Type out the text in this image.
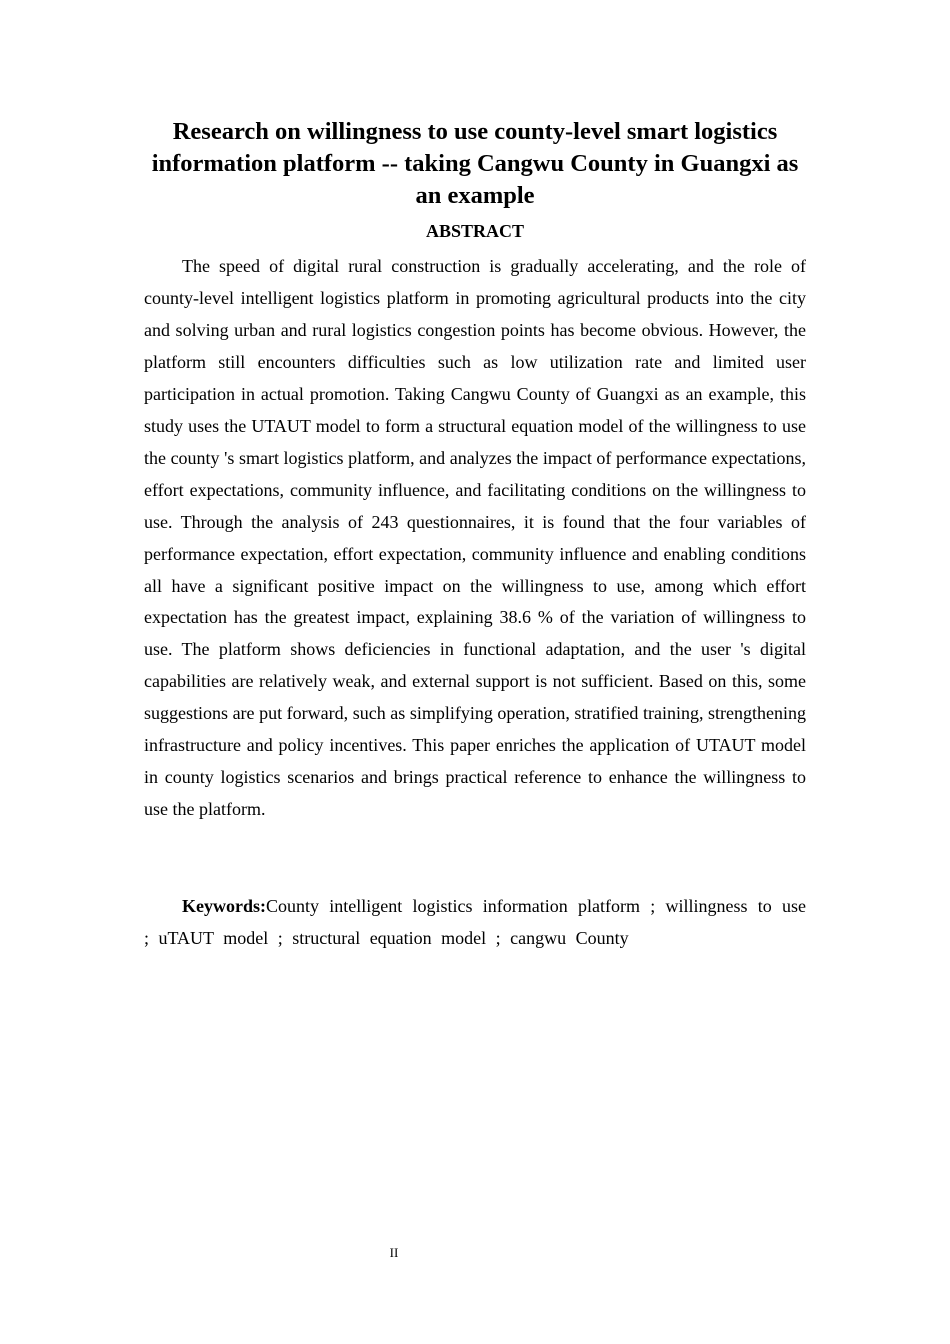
Research on willingness to use county-level smart logistics information platform -- taking Cangwu County in Guangxi as an example
ABSTRACT

The speed of digital rural construction is gradually accelerating, and the role of county-level intelligent logistics platform in promoting agricultural products into the city and solving urban and rural logistics congestion points has become obvious. However, the platform still encounters difficulties such as low utilization rate and limited user participation in actual promotion. Taking Cangwu County of Guangxi as an example, this study uses the UTAUT model to form a structural equation model of the willingness to use the county 's smart logistics platform, and analyzes the impact of performance expectations, effort expectations, community influence, and facilitating conditions on the willingness to use. Through the analysis of 243 questionnaires, it is found that the four variables of performance expectation, effort expectation, community influence and enabling conditions all have a significant positive impact on the willingness to use, among which effort expectation has the greatest impact, explaining 38.6 % of the variation of willingness to use. The platform shows deficiencies in functional adaptation, and the user 's digital capabilities are relatively weak, and external support is not sufficient. Based on this, some suggestions are put forward, such as simplifying operation, stratified training, strengthening infrastructure and policy incentives. This paper enriches the application of UTAUT model in county logistics scenarios and brings practical reference to enhance the willingness to use the platform.

Keywords:County intelligent logistics information platform ; willingness to use ; uTAUT model ; structural equation model ; cangwu County

II
